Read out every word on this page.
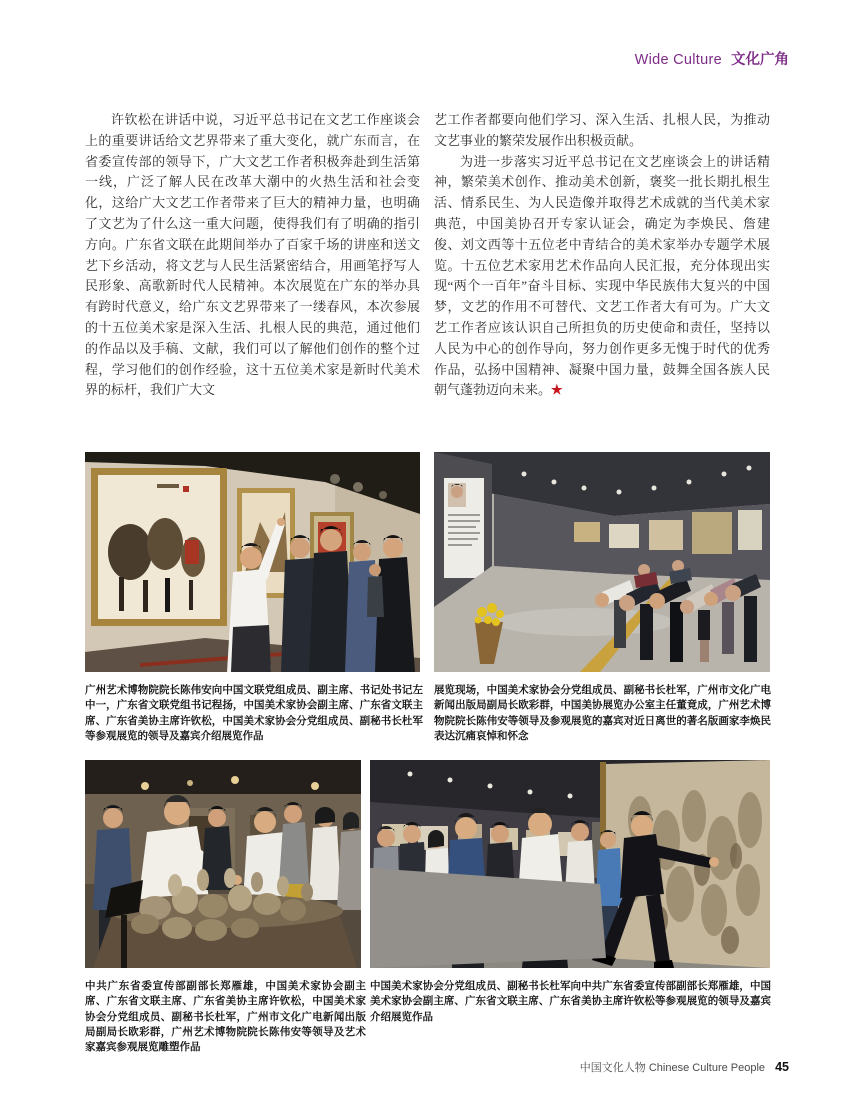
Wide Culture 文化广角
许钦松在讲话中说，习近平总书记在文艺工作座谈会上的重要讲话给文艺界带来了重大变化，就广东而言，在省委宣传部的领导下，广大文艺工作者积极奔赴到生活第一线，广泛了解人民在改革大潮中的火热生活和社会变化，这给广大文艺工作者带来了巨大的精神力量，也明确了文艺为了什么这一重大问题，使得我们有了明确的指引方向。广东省文联在此期间举办了百家千场的讲座和送文艺下乡活动，将文艺与人民生活紧密结合，用画笔抒写人民形象、高歌新时代人民精神。本次展览在广东的举办具有跨时代意义，给广东文艺界带来了一缕春风，本次参展的十五位美术家是深入生活、扎根人民的典范，通过他们的作品以及手稿、文献，我们可以了解他们创作的整个过程，学习他们的创作经验，这十五位美术家是新时代美术界的标杆，我们广大文
艺工作者都要向他们学习、深入生活、扎根人民，为推动文艺事业的繁荣发展作出积极贡献。
为进一步落实习近平总书记在文艺座谈会上的讲话精神，繁荣美术创作、推动美术创新，褒奖一批长期扎根生活、情系民生、为人民造像并取得艺术成就的当代美术家典范，中国美协召开专家认证会，确定为李焕民、詹建俊、刘文西等十五位老中青结合的美术家举办专题学术展览。十五位艺术家用艺术作品向人民汇报，充分体现出实现“两个一百年”奋斗目标、实现中华民族伟大复兴的中国梦，文艺的作用不可替代、文艺工作者大有可为。广大文艺工作者应该认识自己所担负的历史使命和责任，坚持以人民为中心的创作导向，努力创作更多无愧于时代的优秀作品，弘扬中国精神、凝聚中国力量，鼓舞全国各族人民朝气蓬勃迈向未来。★
广州艺术博物院院长陈伟安向中国文联党组成员、副主席、书记处书记左中一，广东省文联党组书记程扬，中国美术家协会副主席、广东省文联主席、广东省美协主席许钦松，中国美术家协会分党组成员、副秘书长杜军等参观展览的领导及嘉宾介绍展览作品
展览现场，中国美术家协会分党组成员、副秘书长杜军，广州市文化广电新闻出版局副局长欧彩群，中国美协展览办公室主任董竟成，广州艺术博物院院长陈伟安等领导及参观展览的嘉宾对近日离世的著名版画家李焕民表达沉痛哀悼和怀念
中共广东省委宣传部副部长郑雁雄，中国美术家协会副主席、广东省文联主席、广东省美协主席许钦松，中国美术家协会分党组成员、副秘书长杜军，广州市文化广电新闻出版局副局长欧彩群，广州艺术博物院院长陈伟安等领导及艺术家嘉宾参观展览雕塑作品
中国美术家协会分党组成员、副秘书长杜军向中共广东省委宣传部副部长郑雁雄，中国美术家协会副主席、广东省文联主席、广东省美协主席许钦松等参观展览的领导及嘉宾介绍展览作品
中国文化人物 Chinese Culture People 45
